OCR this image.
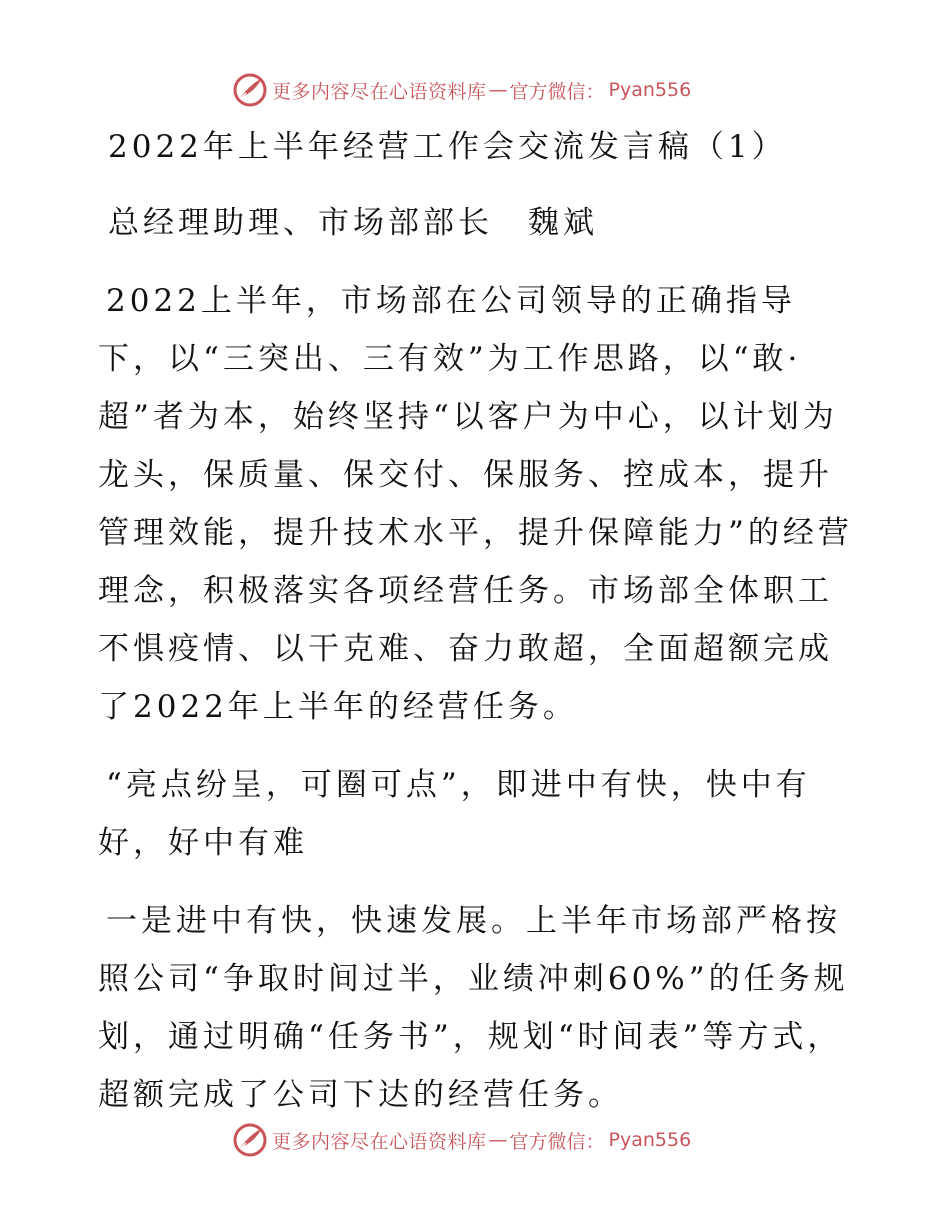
更多内容尽在心语资料库 — 官方微信： Pyan556

2022年上半年经营工作会交流发言稿（1）

总经理助理、市场部部长　魏斌

2022上半年，市场部在公司领导的正确指导下，以“三突出、三有效”为工作思路，以“敢·超”者为本，始终坚持“以客户为中心，以计划为龙头，保质量、保交付、保服务、控成本，提升管理效能，提升技术水平，提升保障能力”的经营理念，积极落实各项经营任务。市场部全体职工不惧疫情、以干克难、奋力敢超，全面超额完成了2022年上半年的经营任务。

“亮点纷呈，可圈可点”，即进中有快，快中有好，好中有难

一是进中有快，快速发展。上半年市场部严格按照公司“争取时间过半，业绩冲刺60%”的任务规划，通过明确“任务书”，规划“时间表”等方式，超额完成了公司下达的经营任务。

更多内容尽在心语资料库 — 官方微信： Pyan556
